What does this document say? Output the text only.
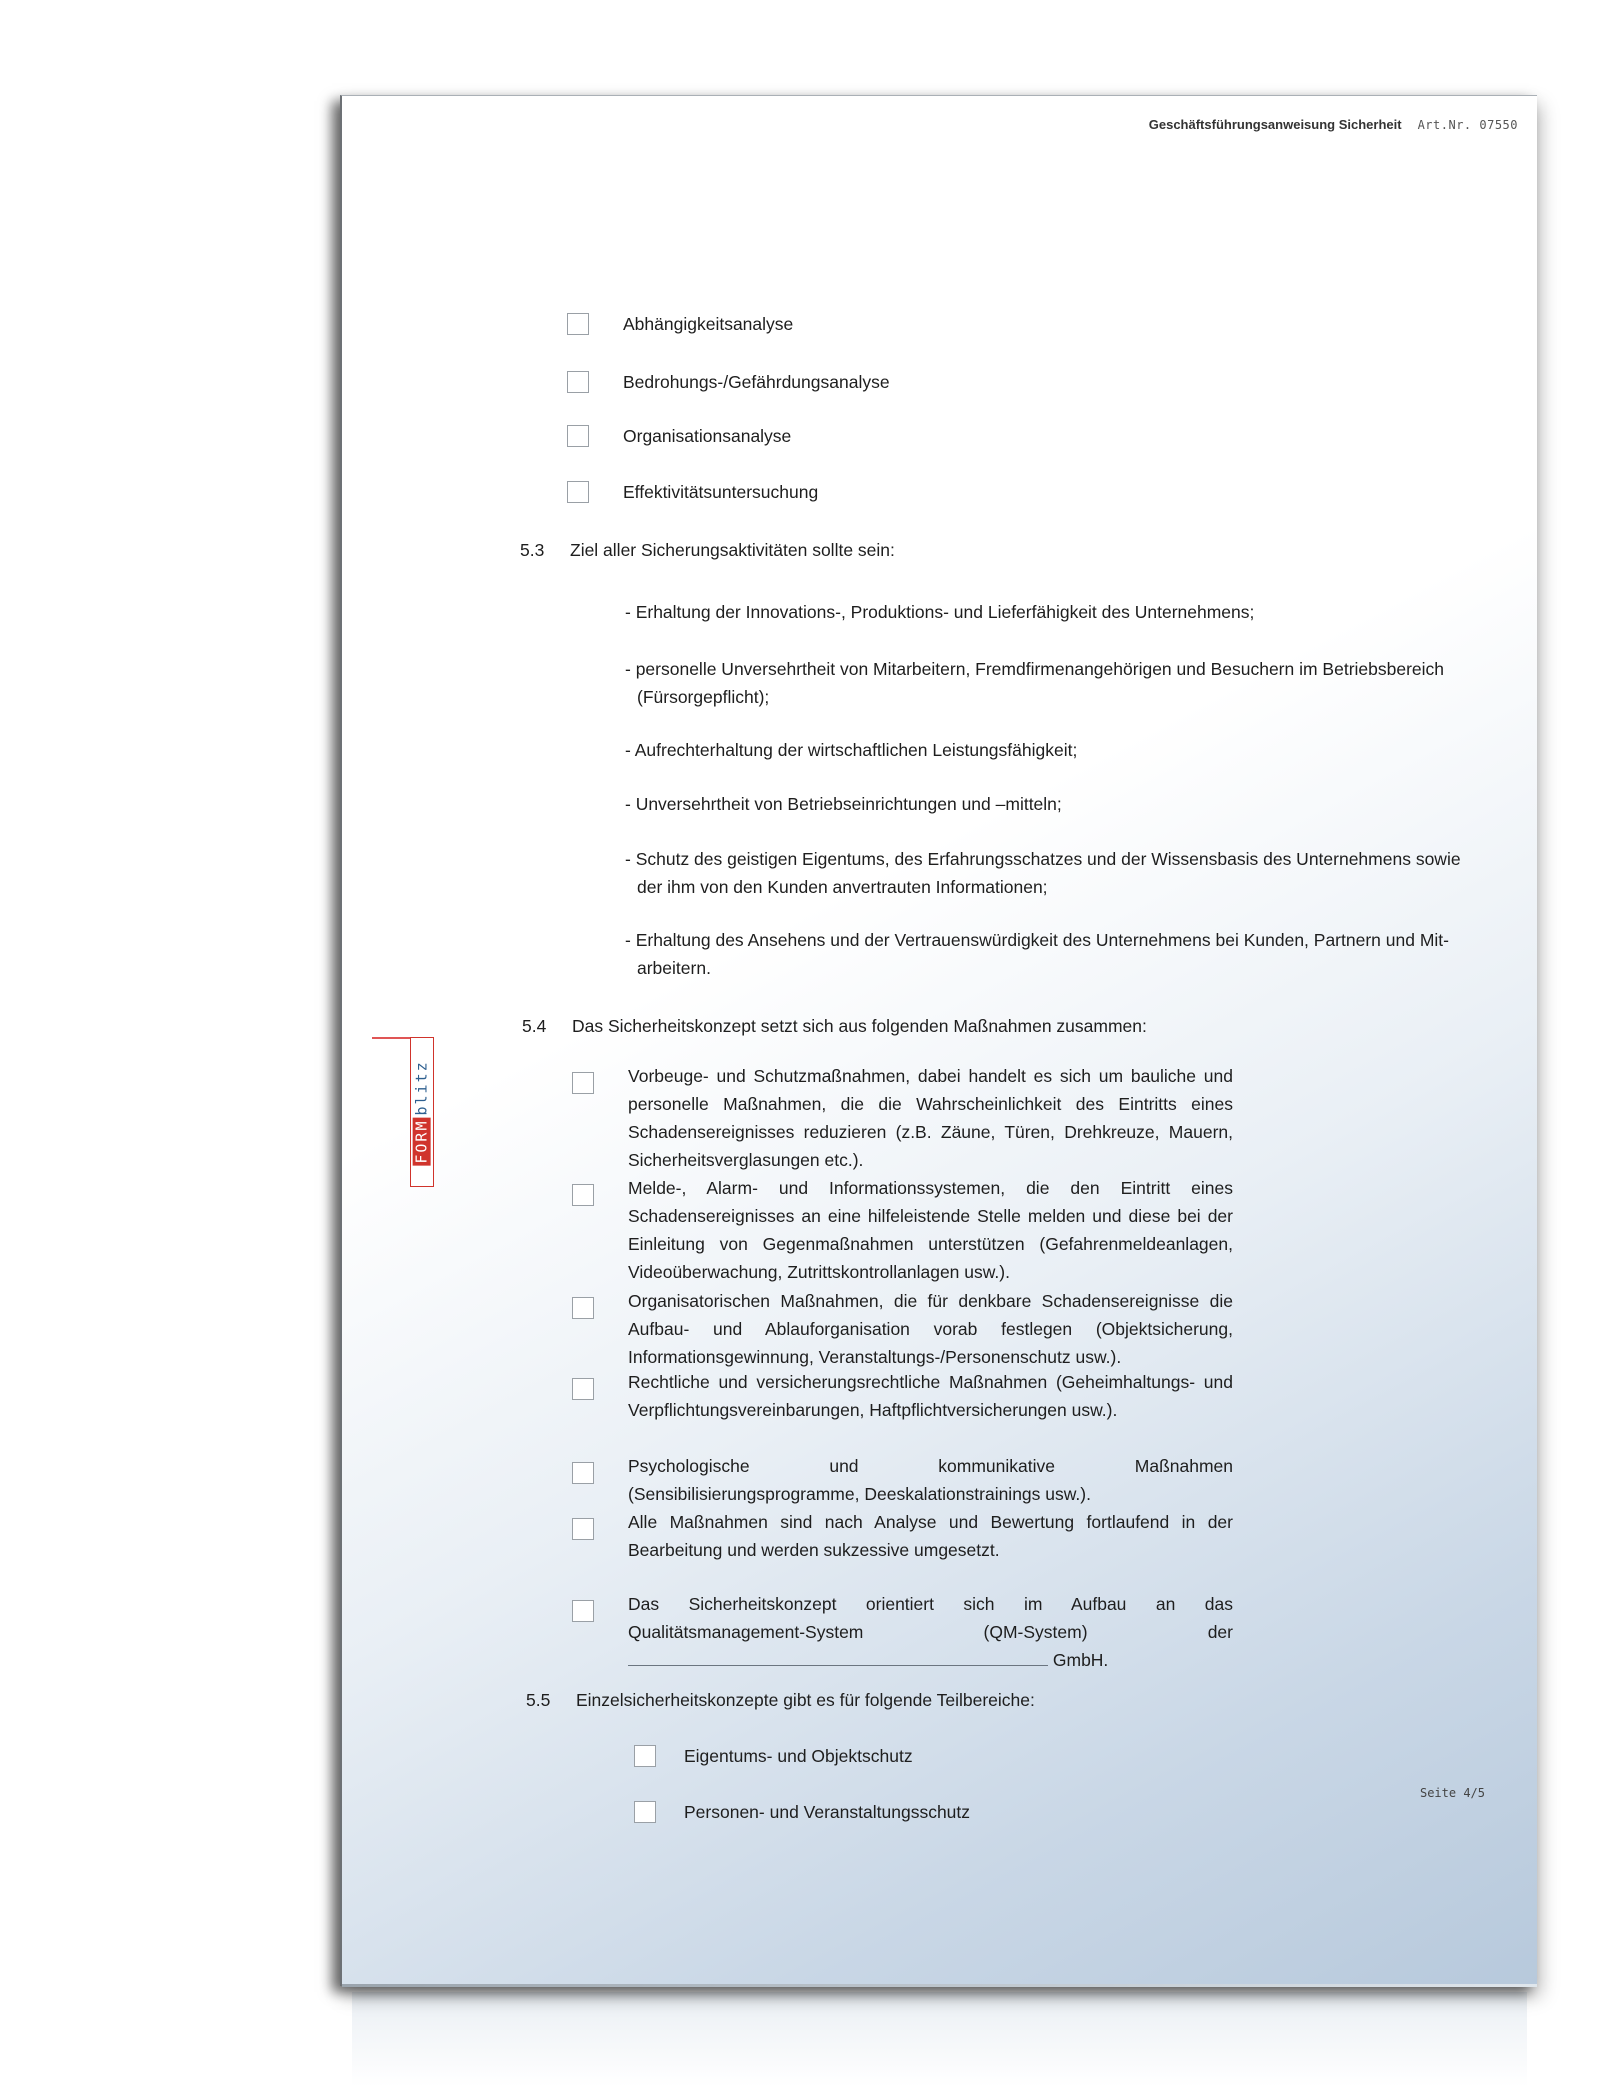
Geschäftsführungsanweisung Sicherheit Art.Nr. 07550
Abhängigkeitsanalyse
Bedrohungs-/Gefährdungsanalyse
Organisationsanalyse
Effektivitätsuntersuchung
5.3	Ziel aller Sicherungsaktivitäten sollte sein:
- Erhaltung der Innovations-, Produktions- und Lieferfähigkeit des Unternehmens;
- personelle Unversehrtheit von Mitarbeitern, Fremdfirmenangehörigen und Besuchern im Betriebsbereich
(Fürsorgepflicht);
- Aufrechterhaltung der wirtschaftlichen Leistungsfähigkeit;
- Unversehrtheit von Betriebseinrichtungen und –mitteln;
- Schutz des geistigen Eigentums, des Erfahrungsschatzes und der Wissensbasis des Unternehmens sowie
der ihm von den Kunden anvertrauten Informationen;
- Erhaltung des Ansehens und der Vertrauenswürdigkeit des Unternehmens bei Kunden, Partnern und Mit-
arbeitern.
5.4	Das Sicherheitskonzept setzt sich aus folgenden Maßnahmen zusammen:
Vorbeuge- und Schutzmaßnahmen, dabei handelt es sich um bauliche und personelle Maßnahmen, die die Wahrscheinlichkeit des Eintritts eines Schadensereignisses reduzieren (z.B. Zäune, Türen, Drehkreuze, Mauern, Sicherheitsverglasungen etc.).
Melde-, Alarm- und Informationssystemen, die den Eintritt eines Schadensereignisses an eine hilfeleistende Stelle melden und diese bei der Einleitung von Gegenmaßnahmen unterstützen (Gefahrenmeldeanlagen, Videoüberwachung, Zutrittskontrollanlagen usw.).
Organisatorischen Maßnahmen, die für denkbare Schadensereignisse die Aufbau- und Ablauforganisation vorab festlegen (Objektsicherung, Informationsgewinnung, Veranstaltungs-/Personenschutz usw.).
Rechtliche und versicherungsrechtliche Maßnahmen (Geheimhaltungs- und Verpflichtungsvereinbarungen, Haftpflichtversicherungen usw.).
Psychologische und kommunikative Maßnahmen (Sensibilisierungsprogramme, Deeskalationstrainings usw.).
Alle Maßnahmen sind nach Analyse und Bewertung fortlaufend in der Bearbeitung und werden sukzessive umgesetzt.
Das Sicherheitskonzept orientiert sich im Aufbau an das Qualitätsmanagement-System (QM-System) der  GmbH.
5.5	Einzelsicherheitskonzepte gibt es für folgende Teilbereiche:
Eigentums- und Objektschutz
Personen- und Veranstaltungsschutz
Seite 4/5
FORMblitz
